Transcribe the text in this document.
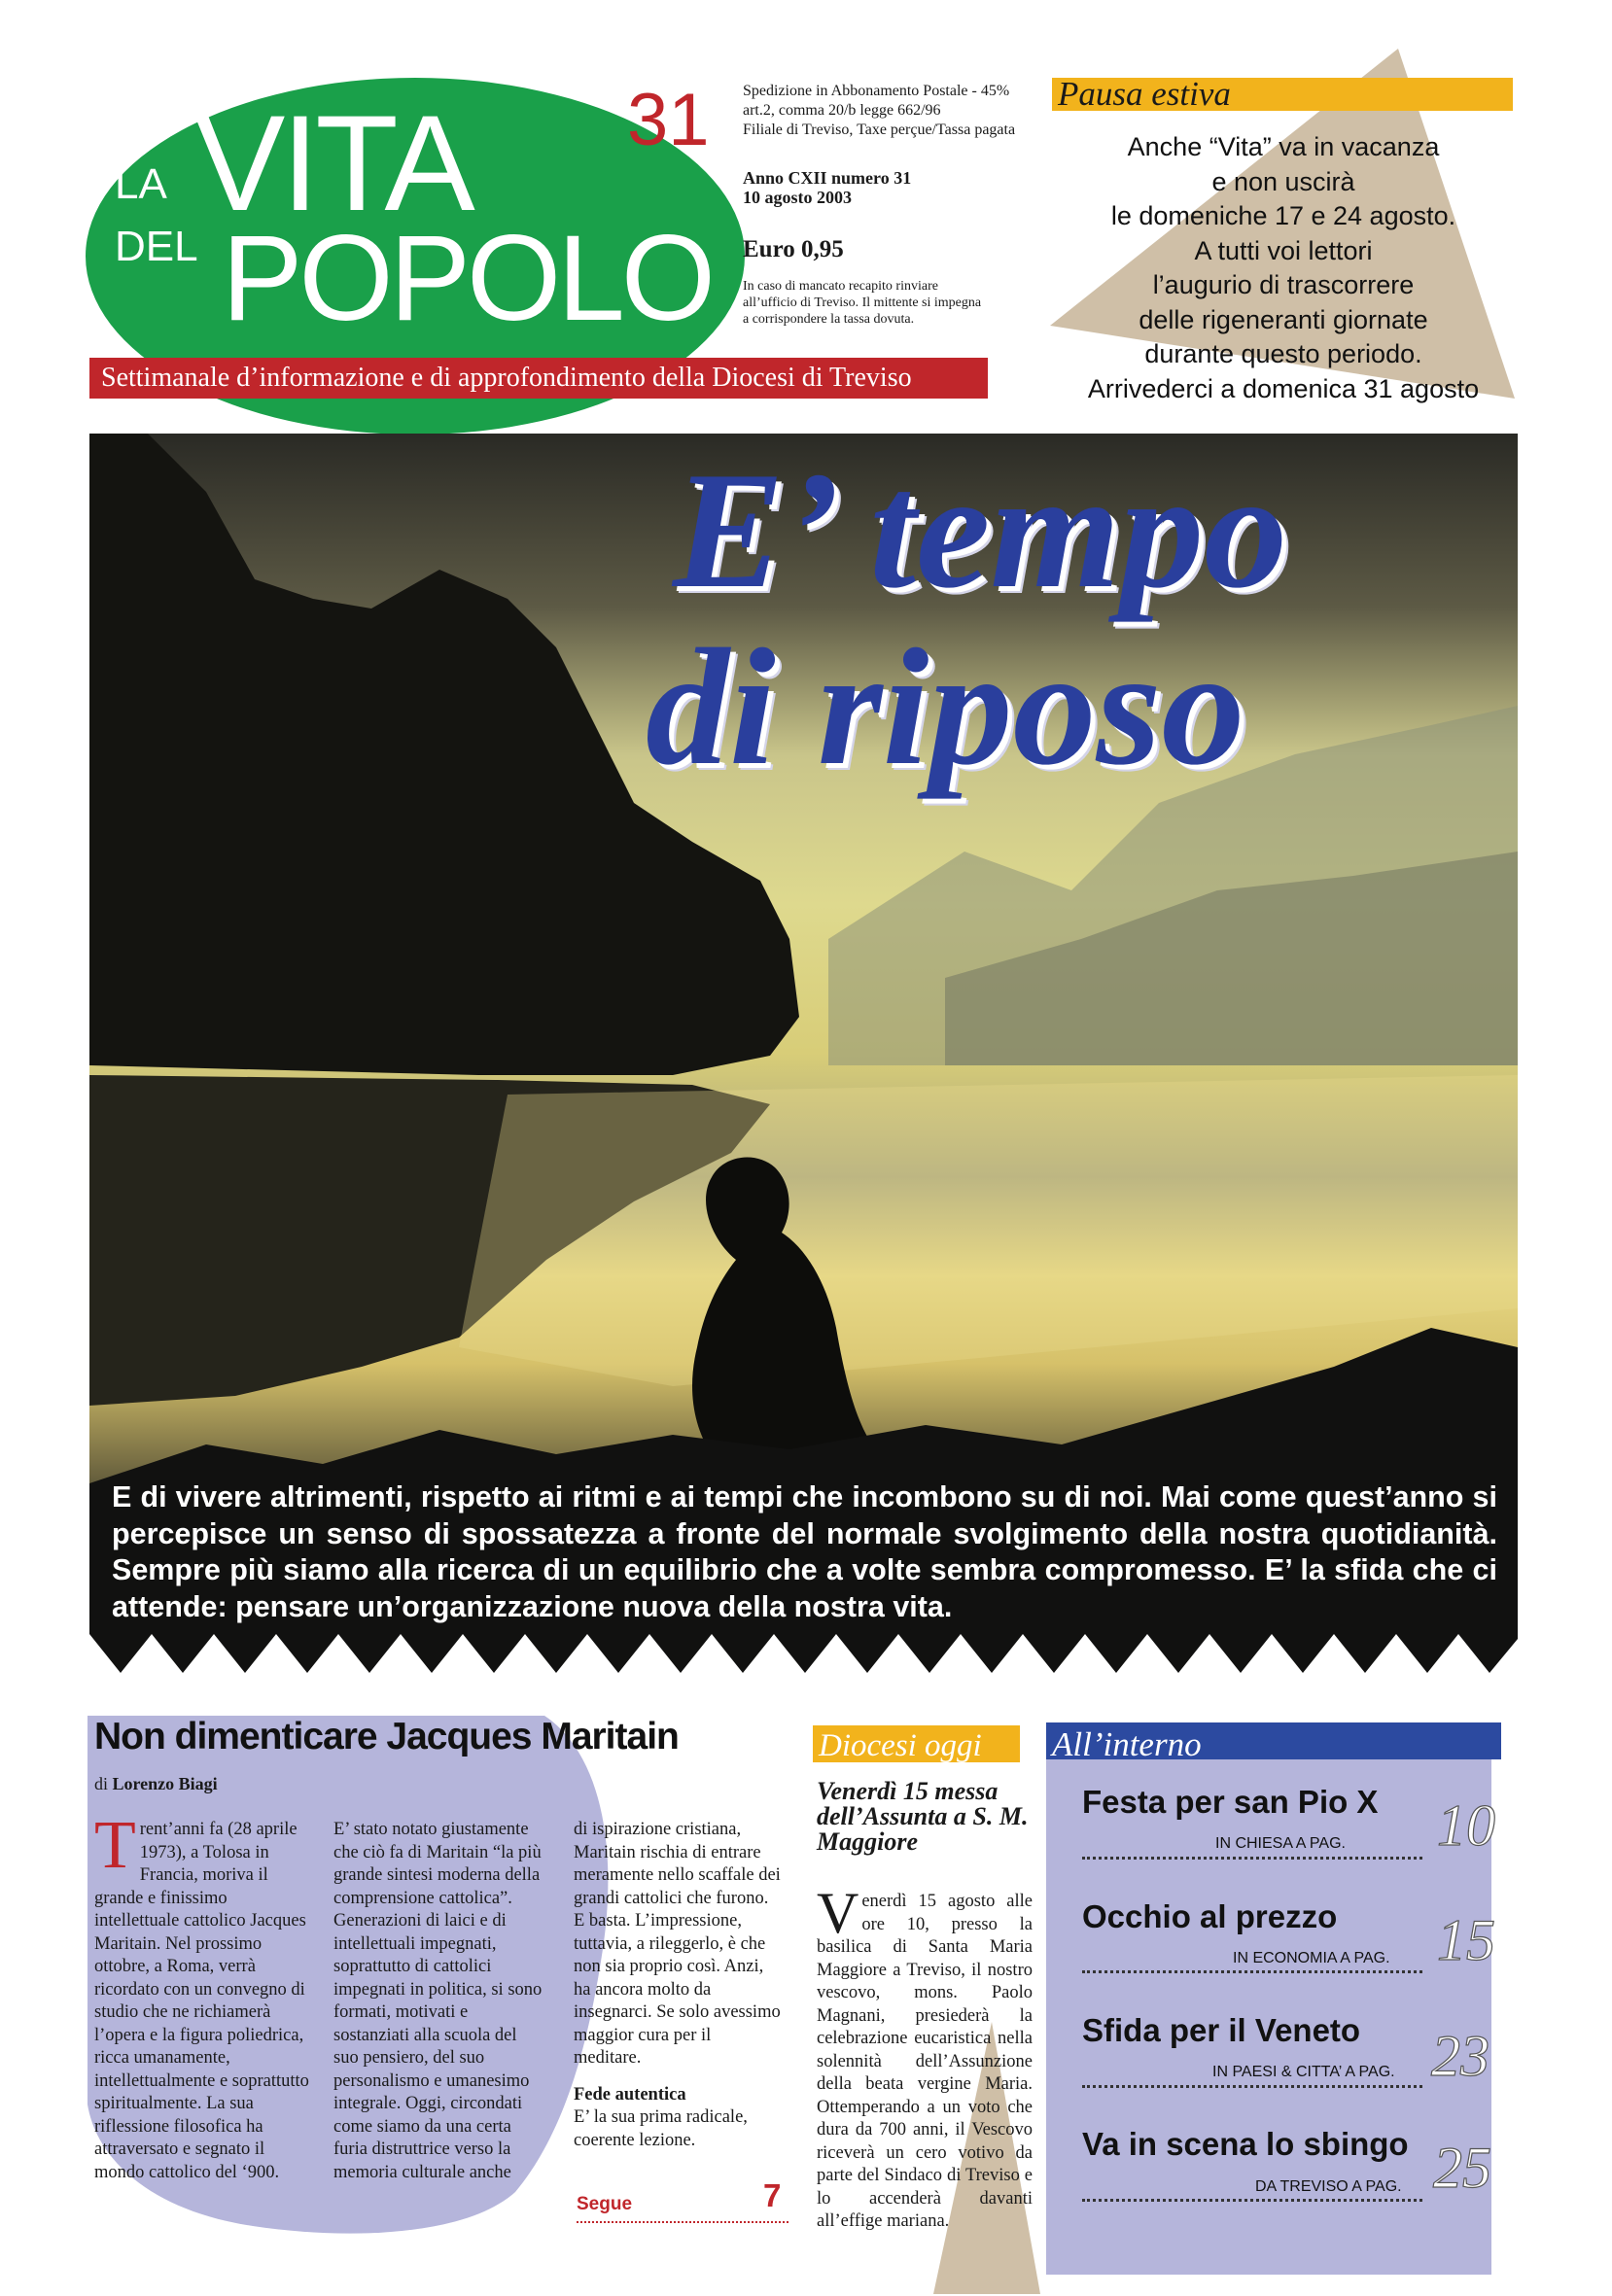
LA VITA
DEL POPOLO
31
Settimanale d’informazione e di approfondimento della Diocesi di Treviso
Spedizione in Abbonamento Postale - 45%
art.2, comma 20/b legge 662/96
Filiale di Treviso, Taxe perçue/Tassa pagata
Anno CXII numero 31
10 agosto 2003
Euro 0,95
In caso di mancato recapito rinviare
all’ufficio di Treviso. Il mittente si impegna
a corrispondere la tassa dovuta.
Pausa estiva
Anche “Vita” va in vacanza
e non uscirà
le domeniche 17 e 24 agosto.
A tutti voi lettori
l’augurio di trascorrere
delle rigeneranti giornate
durante questo periodo.
Arrivederci a domenica 31 agosto
E’ tempo
di riposo
E di vivere altrimenti, rispetto ai ritmi e ai tempi che incombono su di noi. Mai come quest’anno si percepisce un senso di spossatezza a fronte del normale svolgimento della nostra quotidianità. Sempre più siamo alla ricerca di un equilibrio che a volte sembra compromesso. E’ la sfida che ci attende: pensare un’organizzazione nuova della nostra vita.
Non dimenticare Jacques Maritain
di Lorenzo Biagi
Trent’anni fa (28 aprile 1973), a Tolosa in Francia, moriva il grande e finissimo intellettuale cattolico Jacques Maritain. Nel prossimo ottobre, a Roma, verrà ricordato con un convegno di studio che ne richiamerà l’opera e la figura poliedrica, ricca umanamente, intellettualmente e soprattutto spiritualmente. La sua riflessione filosofica ha attraversato e segnato il mondo cattolico del ‘900.
E’ stato notato giustamente che ciò fa di Maritain “la più grande sintesi moderna della comprensione cattolica”. Generazioni di laici e di intellettuali impegnati, soprattutto di cattolici impegnati in politica, si sono formati, motivati e sostanziati alla scuola del suo pensiero, del suo personalismo e umanesimo integrale. Oggi, circondati come siamo da una certa furia distruttrice verso la memoria culturale anche
di ispirazione cristiana, Maritain rischia di entrare meramente nello scaffale dei grandi cattolici che furono. E basta. L’impressione, tuttavia, a rileggerlo, è che non sia proprio così. Anzi, ha ancora molto da insegnarci. Se solo avessimo maggior cura per il meditare.
Fede autentica
E’ la sua prima radicale, coerente lezione.
Segue	7
Diocesi oggi
Venerdì 15 messa dell’Assunta a S. M. Maggiore
Venerdì 15 agosto alle ore 10, presso la basilica di Santa Maria Maggiore a Treviso, il nostro vescovo, mons. Paolo Magnani, presiederà la celebrazione eucaristica nella solennità dell’Assunzione della beata vergine Maria. Ottemperando a un voto che dura da 700 anni, il Vescovo riceverà un cero votivo da parte del Sindaco di Treviso e lo accenderà davanti all’effige mariana.
All’interno
Festa per san Pio X
IN CHIESA A PAG. 10
Occhio al prezzo
IN ECONOMIA A PAG. 15
Sfida per il Veneto
IN PAESI & CITTA’ A PAG. 23
Va in scena lo sbingo
DA TREVISO A PAG. 25
